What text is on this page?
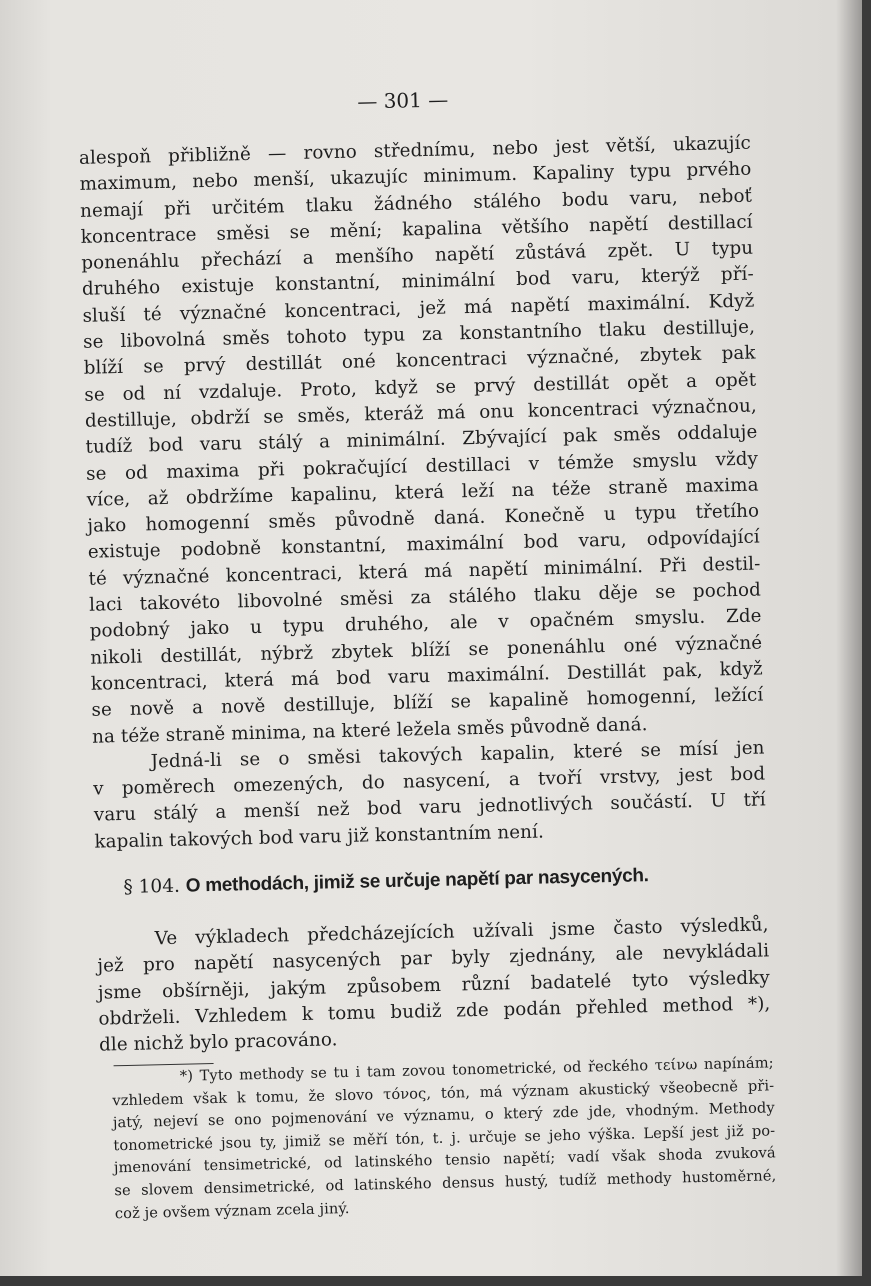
— 301 —
alespoň přibližně — rovno střednímu, nebo jest větší, ukazujíc
maximum, nebo menší, ukazujíc minimum. Kapaliny typu prvého
nemají při určitém tlaku žádného stálého bodu varu, neboť
koncentrace směsi se mění; kapalina většího napětí destillací
ponenáhlu přechází a menšího napětí zůstává zpět. U typu
druhého existuje konstantní, minimální bod varu, kterýž pří-
sluší té význačné koncentraci, jež má napětí maximální. Když
se libovolná směs tohoto typu za konstantního tlaku destilluje,
blíží se prvý destillát oné koncentraci význačné, zbytek pak
se od ní vzdaluje. Proto, když se prvý destillát opět a opět
destilluje, obdrží se směs, kteráž má onu koncentraci význačnou,
tudíž bod varu stálý a minimální. Zbývající pak směs oddaluje
se od maxima při pokračující destillaci v témže smyslu vždy
více, až obdržíme kapalinu, která leží na téže straně maxima
jako homogenní směs původně daná. Konečně u typu třetího
existuje podobně konstantní, maximální bod varu, odpovídající
té význačné koncentraci, která má napětí minimální. Při destil-
laci takovéto libovolné směsi za stálého tlaku děje se pochod
podobný jako u typu druhého, ale v opačném smyslu. Zde
nikoli destillát, nýbrž zbytek blíží se ponenáhlu oné význačné
koncentraci, která má bod varu maximální. Destillát pak, když
se nově a nově destilluje, blíží se kapalině homogenní, ležící
na téže straně minima, na které ležela směs původně daná.
Jedná-li se o směsi takových kapalin, které se mísí jen
v poměrech omezených, do nasycení, a tvoří vrstvy, jest bod
varu stálý a menší než bod varu jednotlivých součástí. U tří
kapalin takových bod varu již konstantním není.
§ 104. O methodách, jimiž se určuje napětí par nasycených.
Ve výkladech předcházejících užívali jsme často výsledků,
jež pro napětí nasycených par byly zjednány, ale nevykládali
jsme obšírněji, jakým způsobem různí badatelé tyto výsledky
obdrželi. Vzhledem k tomu budiž zde podán přehled method *),
dle nichž bylo pracováno.
*) Tyto methody se tu i tam zovou tonometrické, od řeckého τείνω napínám;
vzhledem však k tomu, že slovo τόνος, tón, má význam akustický všeobecně při-
jatý, nejeví se ono pojmenování ve významu, o který zde jde, vhodným. Methody
tonometrické jsou ty, jimiž se měří tón, t. j. určuje se jeho výška. Lepší jest již po-
jmenování tensimetrické, od latinského tensio napětí; vadí však shoda zvuková
se slovem densimetrické, od latinského densus hustý, tudíž methody hustoměrné,
což je ovšem význam zcela jiný.
